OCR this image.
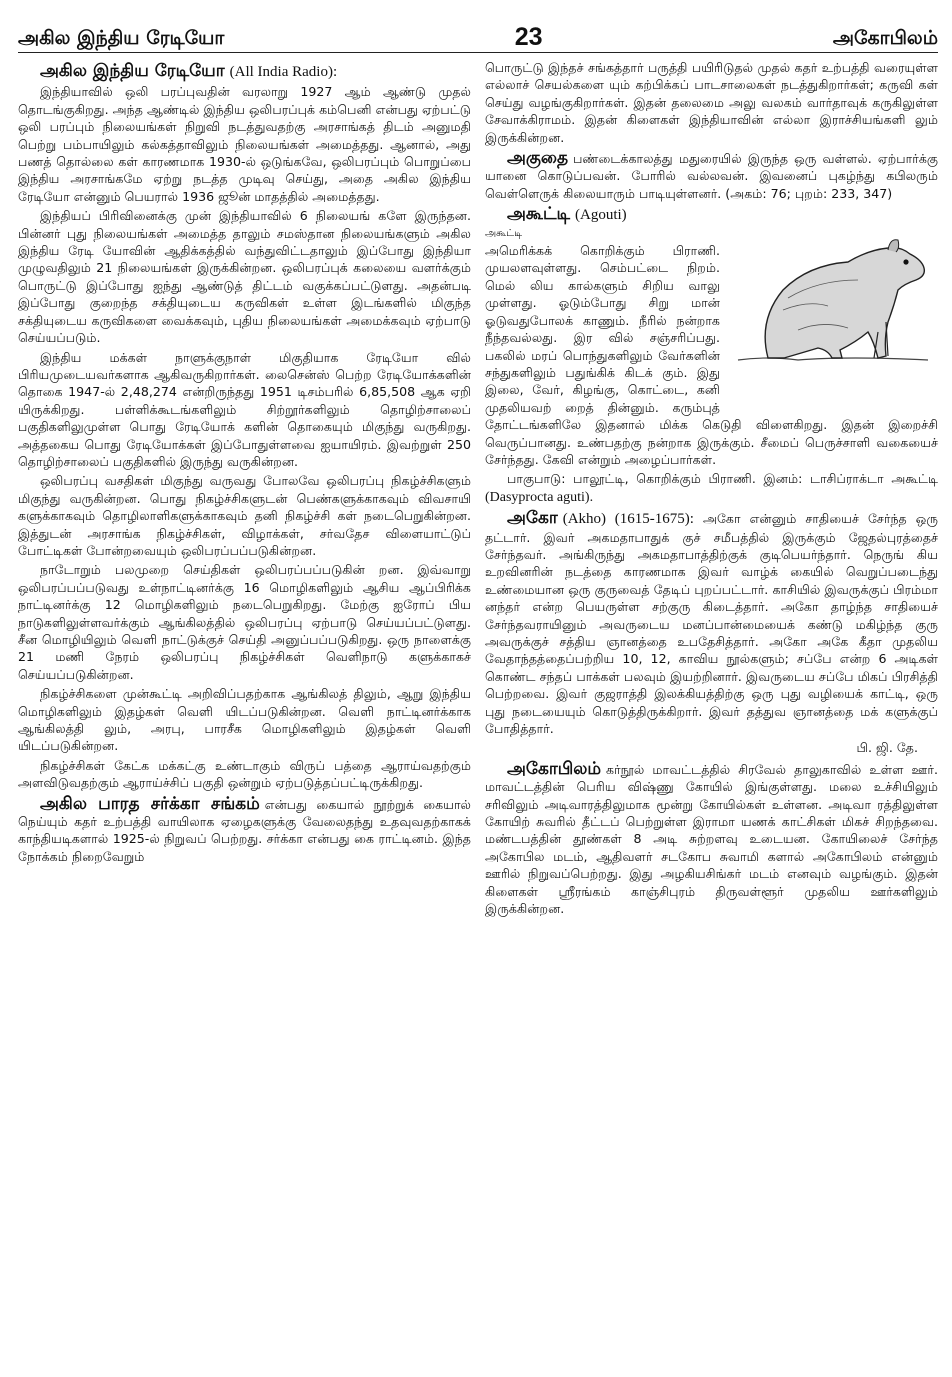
அகில இந்திய ரேடியோ	23	அகோபிலம்

அகில இந்திய ரேடியோ (All India Radio):

இந்தியாவில் ஒலி பரப்புவதின் வரலாறு 1927 ஆம் ஆண்டு முதல் தொடங்குகிறது. அந்த ஆண்டில் இந்திய ஒலிபரப்புக் கம்பெனி என்பது ஏற்பட்டு ஒலி பரப்பும் நிலையங்கள் நிறுவி நடத்துவதற்கு அரசாங்கத் திடம் அனுமதி பெற்று பம்பாயிலும் கல்கத்தாவிலும் நிலையங்கள் அமைத்தது. ஆனால், அது பணத் தொல்லை கள் காரணமாக 1930-ல் ஒடுங்கவே, ஒலிபரப்பும் பொறுப்பை இந்திய அரசாங்கமே ஏற்று நடத்த முடிவு செய்து, அதை அகில இந்திய ரேடியோ என்னும் பெயரால் 1936 ஜூன் மாதத்தில் அமைத்தது.

இந்தியப் பிரிவினைக்கு முன் இந்தியாவில் 6 நிலையங் களே இருந்தன. பின்னர் புது நிலையங்கள் அமைத்த தாலும் சமஸ்தான நிலையங்களும் அகில இந்திய ரேடி யோவின் ஆதிக்கத்தில் வந்துவிட்டதாலும் இப்போது இந்தியா முழுவதிலும் 21 நிலையங்கள் இருக்கின்றன. ஒலிபரப்புக் கலையை வளர்க்கும் பொருட்டு இப்போது ஐந்து ஆண்டுத் திட்டம் வகுக்கப்பட்டுளது. அதன்படி இப்போது குறைந்த சக்தியுடைய கருவிகள் உள்ள இடங்களில் மிகுந்த சக்தியுடைய கருவிகளை வைக்கவும், புதிய நிலையங்கள் அமைக்கவும் ஏற்பாடு செய்யப்படும்.

இந்திய மக்கள் நாளுக்குநாள் மிகுதியாக ரேடியோ வில் பிரியமுடையவர்களாக ஆகிவருகிறார்கள். லைசென்ஸ் பெற்ற ரேடியோக்களின் தொகை 1947-ல் 2,48,274 என்றிருந்தது 1951 டிசம்பரில் 6,85,508 ஆக ஏறி யிருக்கிறது. பள்ளிக்கூடங்களிலும் சிற்றூர்களிலும் தொழிற்சாலைப் பகுதிகளிலுமுள்ள பொது ரேடியோக் களின் தொகையும் மிகுந்து வருகிறது. அத்தகைய பொது ரேடியோக்கள் இப்போதுள்ளவை ஐயாயிரம். இவற்றுள் 250 தொழிற்சாலைப் பகுதிகளில் இருந்து வருகின்றன.

ஒலிபரப்பு வசதிகள் மிகுந்து வருவது போலவே ஒலிபரப்பு நிகழ்ச்சிகளும் மிகுந்து வருகின்றன. பொது நிகழ்ச்சிகளுடன் பெண்களுக்காகவும் விவசாயி களுக்காகவும் தொழிலாளிகளுக்காகவும் தனி நிகழ்ச்சி கள் நடைபெறுகின்றன. இத்துடன் அரசாங்க நிகழ்ச்சிகள், விழாக்கள், சர்வதேச விளையாட்டுப் போட்டிகள் போன்றவையும் ஒலிபரப்பப்படுகின்றன.

நாடோறும் பலமுறை செய்திகள் ஒலிபரப்பப்படுகின் றன. இவ்வாறு ஒலிபரப்பப்படுவது உள்நாட்டினர்க்கு 16 மொழிகளிலும் ஆசிய ஆப்பிரிக்க நாட்டினர்க்கு 12 மொழிகளிலும் நடைபெறுகிறது. மேற்கு ஐரோப் பிய நாடுகளிலுள்ளவர்க்கும் ஆங்கிலத்தில் ஒலிபரப்பு ஏற்பாடு செய்யப்பட்டுளது. சீன மொழியிலும் வெளி நாட்டுக்குச் செய்தி அனுப்பப்படுகிறது. ஒரு நாளைக்கு 21 மணி நேரம் ஒலிபரப்பு நிகழ்ச்சிகள் வெளிநாடு களுக்காகச் செய்யப்படுகின்றன.

நிகழ்ச்சிகளை முன்கூட்டி அறிவிப்பதற்காக ஆங்கிலத் திலும், ஆறு இந்திய மொழிகளிலும் இதழ்கள் வெளி யிடப்படுகின்றன. வெளி நாட்டினர்க்காக ஆங்கிலத்தி லும், அரபு, பாரசீக மொழிகளிலும் இதழ்கள் வெளி யிடப்படுகின்றன.

நிகழ்ச்சிகள் கேட்க மக்கட்கு உண்டாகும் விருப் பத்தை ஆராய்வதற்கும் அளவிடுவதற்கும் ஆராய்ச்சிப் பகுதி ஒன்றும் ஏற்படுத்தப்பட்டிருக்கிறது.

அகில பாரத சர்க்கா சங்கம் என்பது கையால் நூற்றுக் கையால் நெய்யும் கதர் உற்பத்தி வாயிலாக ஏழைகளுக்கு வேலைதந்து உதவுவதற்காகக் காந்தியடிகளால் 1925-ல் நிறுவப் பெற்றது. சர்க்கா என்பது கை ராட்டினம். இந்த நோக்கம் நிறைவேறும்

பொருட்டு இந்தச் சங்கத்தார் பருத்தி பயிரிடுதல் முதல் கதர் உற்பத்தி வரையுள்ள எல்லாச் செயல்களை யும் கற்பிக்கப் பாடசாலைகள் நடத்துகிறார்கள்; கருவி கள் செய்து வழங்குகிறார்கள். இதன் தலைமை அலு வலகம் வார்தாவுக் கருகிலுள்ள சேவாக்கிராமம். இதன் கிளைகள் இந்தியாவின் எல்லா இராச்சியங்களி லும் இருக்கின்றன.

அகுதை பண்டைக்காலத்து மதுரையில் இருந்த ஒரு வள்ளல். ஏற்பார்க்கு யானை கொடுப்பவன். போரில் வல்லவன். இவனைப் புகழ்ந்து கபிலரும் வெள்ளெருக் கிலையாரும் பாடியுள்ளனர். (அகம்: 76; புறம்: 233, 347)

அகூட்டி (Agouti)

அகூட்டி
அமெரிக்கக் கொறிக்கும் பிராணி. முயலளவுள்ளது. செம்பட்டை நிறம். மெல் லிய கால்களும் சிறிய வாலு முள்ளது. ஓடும்போது சிறு மான் ஓடுவதுபோலக் காணும். நீரில் நன்றாக நீந்தவல்லது. இர வில் சஞ்சரிப்பது. பகலில் மரப் பொந்துகளிலும் வேர்களின் சந்துகளிலும் பதுங்கிக் கிடக் கும். இது இலை, வேர், கிழங்கு, கொட்டை, கனி முதலியவற் றைத் தின்னும். கரும்புத் தோட்டங்களிலே இதனால் மிக்க கெடுதி விளைகிறது. இதன் இறைச்சி வெருப்பானது. உண்பதற்கு நன்றாக இருக்கும். சீமைப் பெருச்சாளி வகையைச் சேர்ந்தது. கேவி என்றும் அழைப்பார்கள்.

பாகுபாடு: பாலூட்டி, கொறிக்கும் பிராணி. இனம்: டாசிப்ராக்டா அகூட்டி (Dasyprocta aguti).

அகோ (Akho) (1615-1675): அகோ என்னும் சாதியைச் சேர்ந்த ஒரு தட்டார். இவர் அகமதாபாதுக் குச் சமீபத்தில் இருக்கும் ஜேதல்புரத்தைச் சேர்ந்தவர். அங்கிருந்து அகமதாபாத்திற்குக் குடிபெயர்ந்தார். நெருங் கிய உறவினரின் நடத்தை காரணமாக இவர் வாழ்க் கையில் வெறுப்படைந்து உண்மையான ஒரு குருவைத் தேடிப் புறப்பட்டார். காசியில் இவருக்குப் பிரம்மா னந்தர் என்ற பெயருள்ள சற்குரு கிடைத்தார். அகோ தாழ்ந்த சாதியைச் சேர்ந்தவராயினும் அவருடைய மனப்பான்மையைக் கண்டு மகிழ்ந்த குரு அவருக்குச் சத்திய ஞானத்தை உபதேசித்தார். அகோ அகே கீதா முதலிய வேதாந்தத்தைப்பற்றிய 10, 12, காவிய நூல்களும்; சப்பே என்ற 6 அடிகள் கொண்ட சந்தப் பாக்கள் பலவும் இயற்றினார். இவருடைய சப்பே மிகப் பிரசித்தி பெற்றவை. இவர் குஜராத்தி இலக்கியத்திற்கு ஒரு புது வழியைக் காட்டி, ஒரு புது நடையையும் கொடுத்திருக்கிறார். இவர் தத்துவ ஞானத்தை மக் களுக்குப் போதித்தார்.

பி. ஜி. தே.

அகோபிலம் கர்நூல் மாவட்டத்தில் சிரவேல் தாலுகாவில் உள்ள ஊர். மாவட்டத்தின் பெரிய விஷ்ணு கோயில் இங்குள்ளது. மலை உச்சியிலும் சரிவிலும் அடிவாரத்திலுமாக மூன்று கோயில்கள் உள்ளன. அடிவா ரத்திலுள்ள கோயிற் சுவரில் தீட்டப் பெற்றுள்ள இராமா யணக் காட்சிகள் மிகச் சிறந்தவை. மண்டபத்தின் தூண்கள் 8 அடி சுற்றளவு உடையன. கோயிலைச் சேர்ந்த அகோபில மடம், ஆதிவளர் சடகோப சுவாமி களால் அகோபிலம் என்னும் ஊரில் நிறுவப்பெற்றது. இது அழகியசிங்கர் மடம் எனவும் வழங்கும். இதன் கிளைகள் ஸ்ரீரங்கம் காஞ்சிபுரம் திருவள்ளூர் முதலிய ஊர்களிலும் இருக்கின்றன.
